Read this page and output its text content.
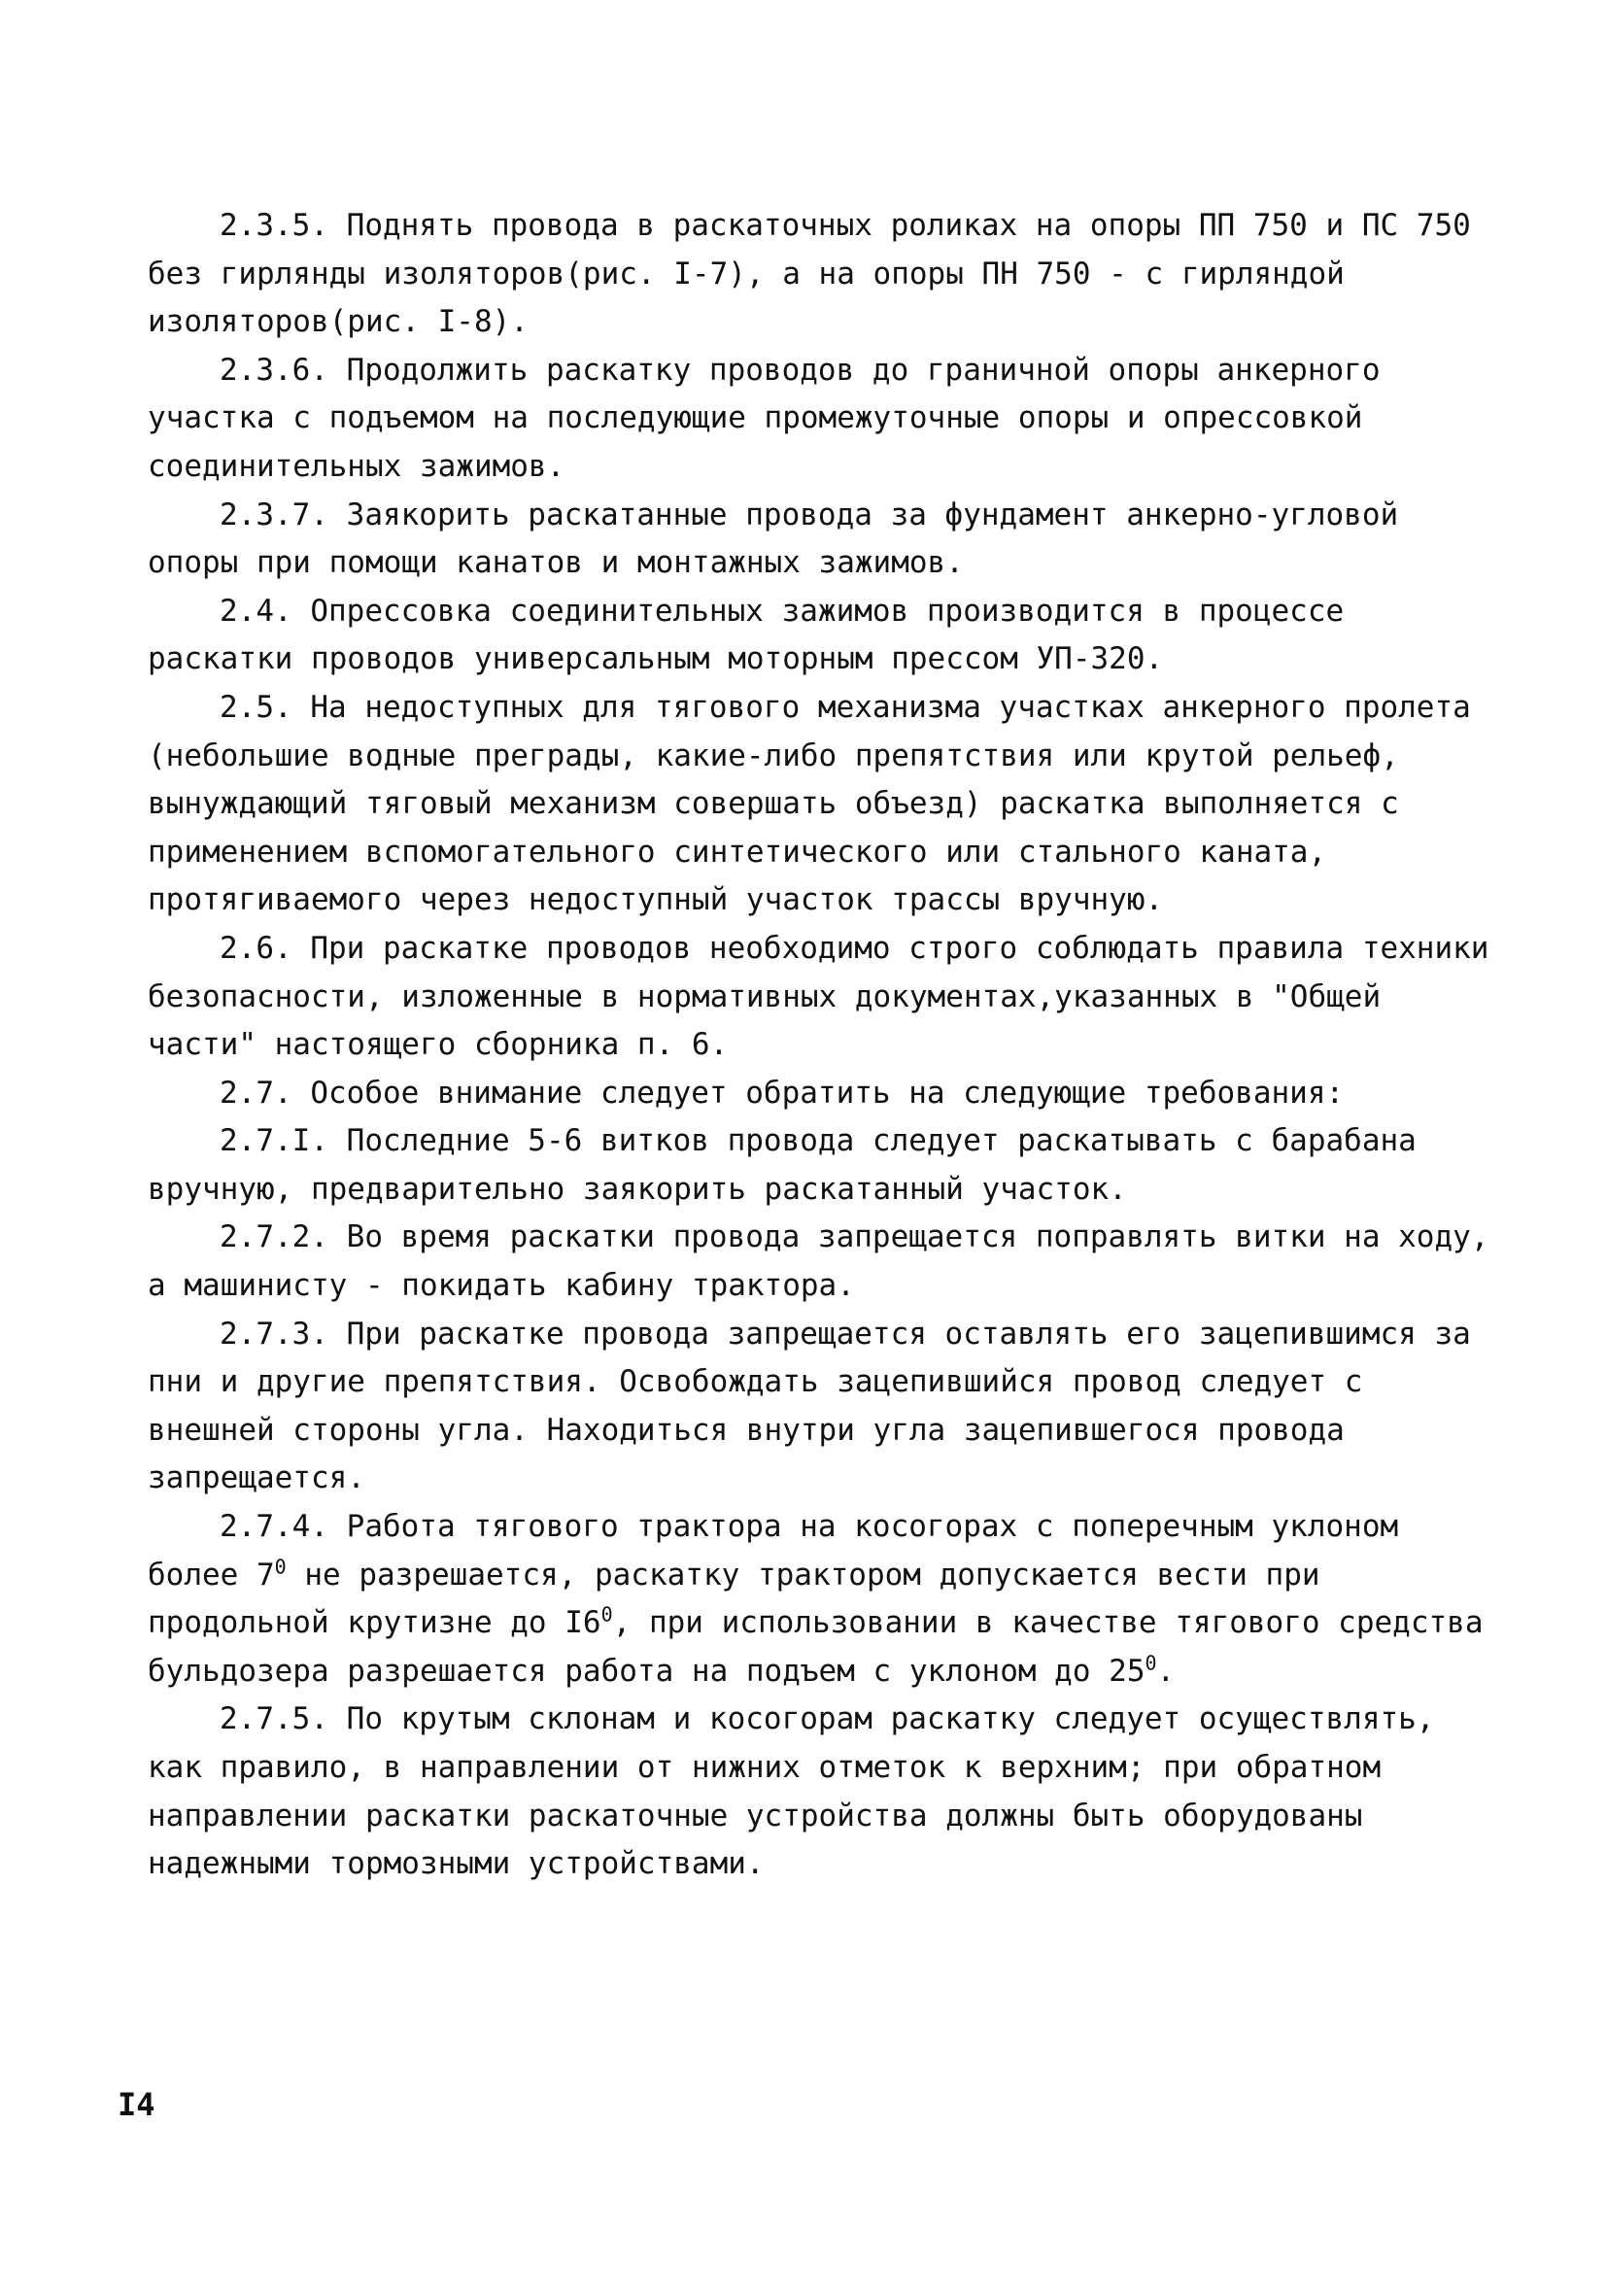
2.3.5. Поднять провода в раскаточных роликах на опоры ПП 750 и ПС 750 без гирлянды изоляторов(рис. I-7), а на опоры ПН 750 - с гирляндой изоляторов(рис. I-8).

2.3.6. Продолжить раскатку проводов до граничной опоры анкерного участка с подъемом на последующие промежуточные опоры и опрессовкой соединительных зажимов.

2.3.7. Заякорить раскатанные провода за фундамент анкерно-угловой опоры при помощи канатов и монтажных зажимов.

2.4. Опрессовка соединительных зажимов производится в процессе раскатки проводов универсальным моторным прессом УП-320.

2.5. На недоступных для тягового механизма участках анкерного пролета (небольшие водные преграды, какие-либо препятствия или крутой рельеф, вынуждающий тяговый механизм совершать объезд) раскатка выполняется с применением вспомогательного синтетического или стального каната, протягиваемого через недоступный участок трассы вручную.

2.6. При раскатке проводов необходимо строго соблюдать правила техники безопасности, изложенные в нормативных документах,указанных в "Общей части" настоящего сборника п. 6.

2.7. Особое внимание следует обратить на следующие требования:

2.7.I. Последние 5-6 витков провода следует раскатывать с барабана вручную, предварительно заякорить раскатанный участок.

2.7.2. Во время раскатки провода запрещается поправлять витки на ходу, а машинисту - покидать кабину трактора.

2.7.3. При раскатке провода запрещается оставлять его зацепившимся за пни и другие препятствия. Освобождать зацепившийся провод следует с внешней стороны угла. Находиться внутри угла зацепившегося провода запрещается.

2.7.4. Работа тягового трактора на косогорах с поперечным уклоном более $7^0$ не разрешается, раскатку трактором допускается вести при продольной крутизне до $I6^0$, при использовании в качестве тягового средства бульдозера разрешается работа на подъем с уклоном до $25^0$.

2.7.5. По крутым склонам и косогорам раскатку следует осуществлять, как правило, в направлении от нижних отметок к верхним; при обратном направлении раскатки раскаточные устройства должны быть оборудованы надежными тормозными устройствами.

I4
